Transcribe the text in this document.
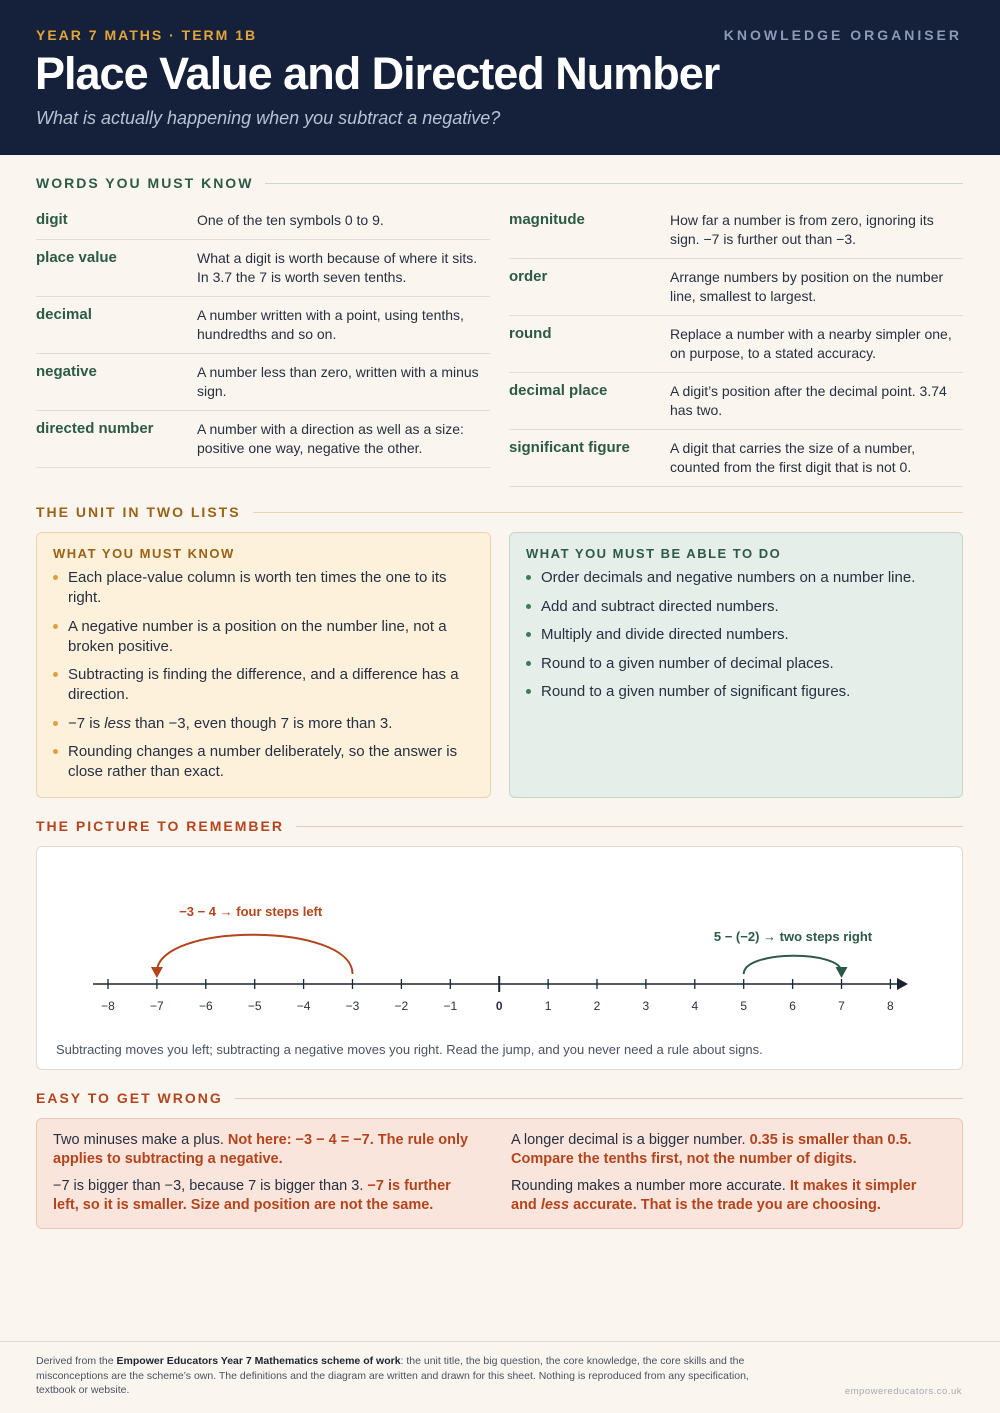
YEAR 7 MATHS · TERM 1B	KNOWLEDGE ORGANISER
Place Value and Directed Number
What is actually happening when you subtract a negative?
WORDS YOU MUST KNOW
digit	One of the ten symbols 0 to 9.
place value	What a digit is worth because of where it sits. In 3.7 the 7 is worth seven tenths.
decimal	A number written with a point, using tenths, hundredths and so on.
negative	A number less than zero, written with a minus sign.
directed number	A number with a direction as well as a size: positive one way, negative the other.
magnitude	How far a number is from zero, ignoring its sign. −7 is further out than −3.
order	Arrange numbers by position on the number line, smallest to largest.
round	Replace a number with a nearby simpler one, on purpose, to a stated accuracy.
decimal place	A digit’s position after the decimal point. 3.74 has two.
significant figure	A digit that carries the size of a number, counted from the first digit that is not 0.
THE UNIT IN TWO LISTS
WHAT YOU MUST KNOW
Each place-value column is worth ten times the one to its right.
A negative number is a position on the number line, not a broken positive.
Subtracting is finding the difference, and a difference has a direction.
−7 is less than −3, even though 7 is more than 3.
Rounding changes a number deliberately, so the answer is close rather than exact.
WHAT YOU MUST BE ABLE TO DO
Order decimals and negative numbers on a number line.
Add and subtract directed numbers.
Multiply and divide directed numbers.
Round to a given number of decimal places.
Round to a given number of significant figures.
THE PICTURE TO REMEMBER
−8	−7	−6	−5	−4	−3	−2	−1	0	1	2	3	4	5	6	7	8
−3 − 4 → four steps left
5 − (−2) → two steps right
Subtracting moves you left; subtracting a negative moves you right. Read the jump, and you never need a rule about signs.
EASY TO GET WRONG
Two minuses make a plus. Not here: −3 − 4 = −7. The rule only applies to subtracting a negative.
−7 is bigger than −3, because 7 is bigger than 3. −7 is further left, so it is smaller. Size and position are not the same.
A longer decimal is a bigger number. 0.35 is smaller than 0.5. Compare the tenths first, not the number of digits.
Rounding makes a number more accurate. It makes it simpler and less accurate. That is the trade you are choosing.
Derived from the Empower Educators Year 7 Mathematics scheme of work: the unit title, the big question, the core knowledge, the core skills and the misconceptions are the scheme’s own. The definitions and the diagram are written and drawn for this sheet. Nothing is reproduced from any specification, textbook or website.	empowereducators.co.uk
